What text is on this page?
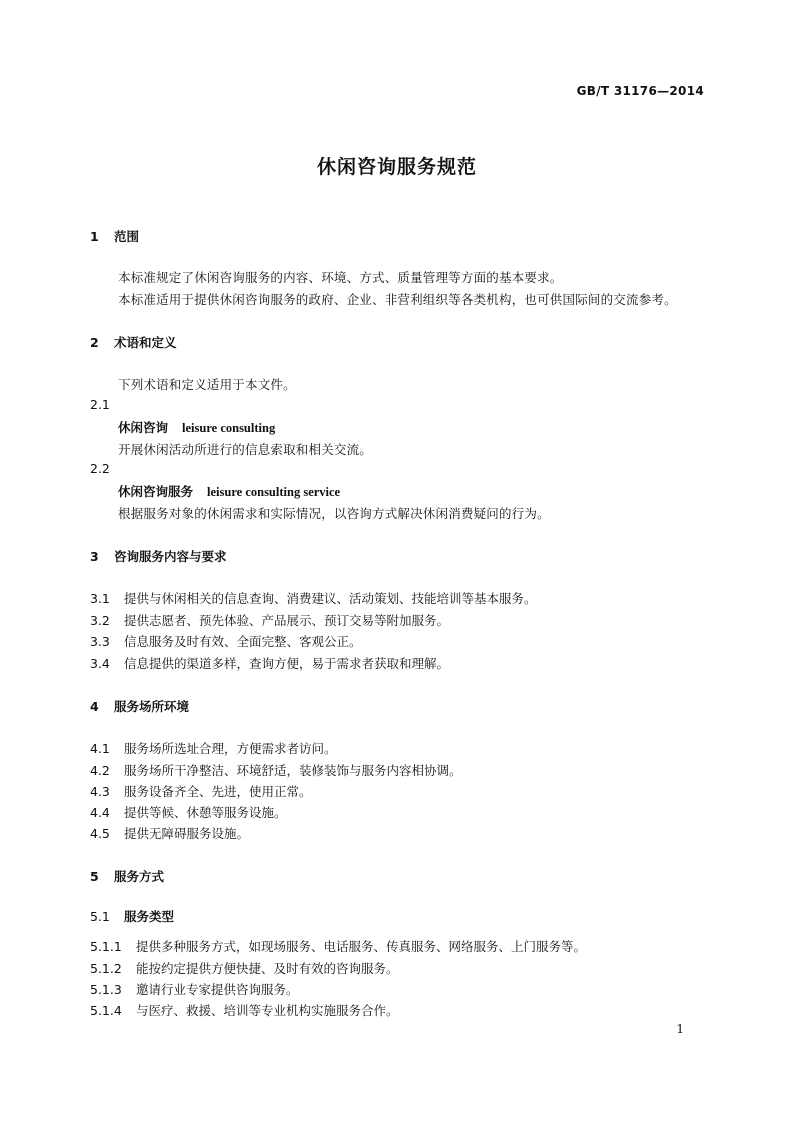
GB/T 31176—2014
休闲咨询服务规范
1 范围
本标准规定了休闲咨询服务的内容、环境、方式、质量管理等方面的基本要求。
本标准适用于提供休闲咨询服务的政府、企业、非营利组织等各类机构，也可供国际间的交流参考。
2 术语和定义
下列术语和定义适用于本文件。
2.1
休闲咨询 leisure consulting
开展休闲活动所进行的信息索取和相关交流。
2.2
休闲咨询服务 leisure consulting service
根据服务对象的休闲需求和实际情况，以咨询方式解决休闲消费疑问的行为。
3 咨询服务内容与要求
3.1 提供与休闲相关的信息查询、消费建议、活动策划、技能培训等基本服务。
3.2 提供志愿者、预先体验、产品展示、预订交易等附加服务。
3.3 信息服务及时有效、全面完整、客观公正。
3.4 信息提供的渠道多样，查询方便，易于需求者获取和理解。
4 服务场所环境
4.1 服务场所选址合理，方便需求者访问。
4.2 服务场所干净整洁、环境舒适，装修装饰与服务内容相协调。
4.3 服务设备齐全、先进，使用正常。
4.4 提供等候、休憩等服务设施。
4.5 提供无障碍服务设施。
5 服务方式
5.1 服务类型
5.1.1 提供多种服务方式，如现场服务、电话服务、传真服务、网络服务、上门服务等。
5.1.2 能按约定提供方便快捷、及时有效的咨询服务。
5.1.3 邀请行业专家提供咨询服务。
5.1.4 与医疗、救援、培训等专业机构实施服务合作。
1
